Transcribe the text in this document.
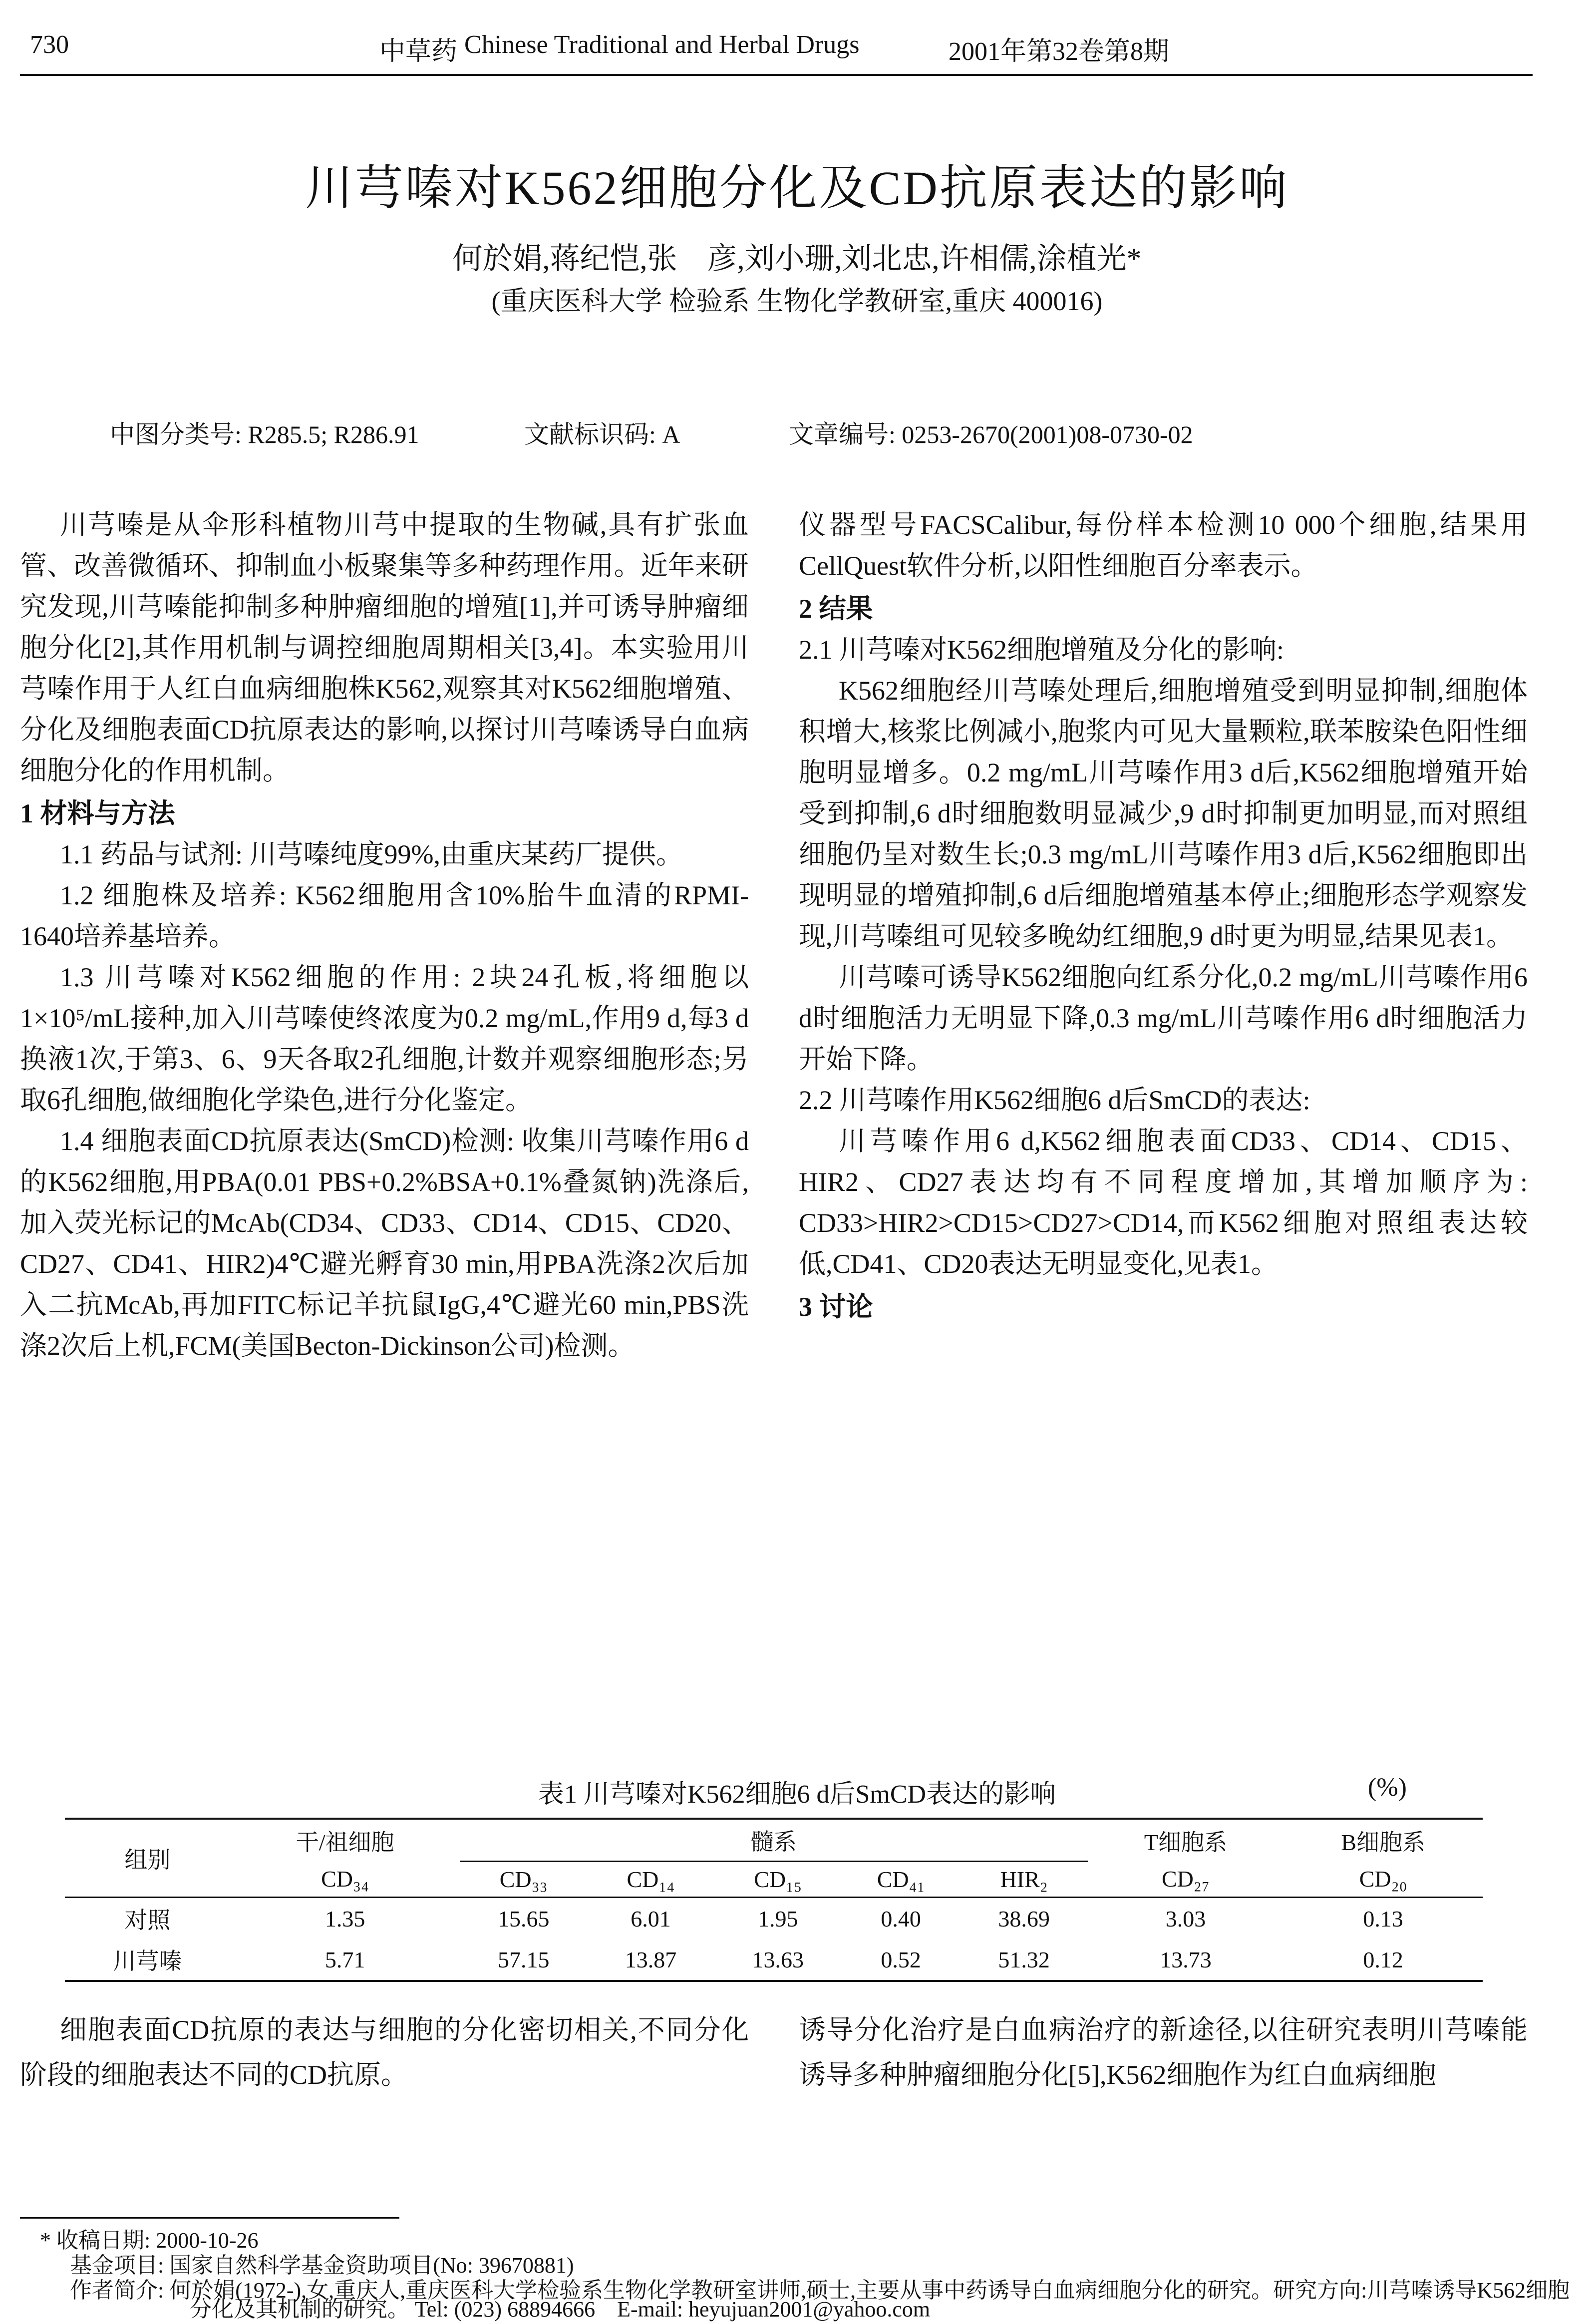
730	中草药 Chinese Traditional and Herbal Drugs	2001年第32卷第8期
川芎嗪对K562细胞分化及CD抗原表达的影响
何於娟,蒋纪恺,张　彦,刘小珊,刘北忠,许相儒,涂植光*
(重庆医科大学 检验系 生物化学教研室,重庆 400016)
中图分类号: R285.5; R286.91	文献标识码: A	文章编号: 0253-2670(2001)08-0730-02

川芎嗪是从伞形科植物川芎中提取的生物碱,具有扩张血管、改善微循环、抑制血小板聚集等多种药理作用。近年来研究发现,川芎嗪能抑制多种肿瘤细胞的增殖[1],并可诱导肿瘤细胞分化[2],其作用机制与调控细胞周期相关[3,4]。本实验用川芎嗪作用于人红白血病细胞株K562,观察其对K562细胞增殖、分化及细胞表面CD抗原表达的影响,以探讨川芎嗪诱导白血病细胞分化的作用机制。

1 材料与方法

1.1 药品与试剂: 川芎嗪纯度99%,由重庆某药厂提供。

1.2 细胞株及培养: K562细胞用含10%胎牛血清的RPMI-1640培养基培养。

1.3 川芎嗪对K562细胞的作用: 2块24孔板,将细胞以1×10⁵/mL接种,加入川芎嗪使终浓度为0.2 mg/mL,作用9 d,每3 d换液1次,于第3、6、9天各取2孔细胞,计数并观察细胞形态;另取6孔细胞,做细胞化学染色,进行分化鉴定。

1.4 细胞表面CD抗原表达(SmCD)检测: 收集川芎嗪作用6 d的K562细胞,用PBA(0.01 PBS+0.2%BSA+0.1%叠氮钠)洗涤后,加入荧光标记的McAb(CD34、CD33、CD14、CD15、CD20、CD27、CD41、HIR2)4℃避光孵育30 min,用PBA洗涤2次后加入二抗McAb,再加FITC标记羊抗鼠IgG,4℃避光60 min,PBS洗涤2次后上机,FCM(美国Becton-Dickinson公司)检测。

仪器型号FACSCalibur,每份样本检测10 000个细胞,结果用CellQuest软件分析,以阳性细胞百分率表示。

2 结果

2.1 川芎嗪对K562细胞增殖及分化的影响:

K562细胞经川芎嗪处理后,细胞增殖受到明显抑制,细胞体积增大,核浆比例减小,胞浆内可见大量颗粒,联苯胺染色阳性细胞明显增多。0.2 mg/mL川芎嗪作用3 d后,K562细胞增殖开始受到抑制,6 d时细胞数明显减少,9 d时抑制更加明显,而对照组细胞仍呈对数生长;0.3 mg/mL川芎嗪作用3 d后,K562细胞即出现明显的增殖抑制,6 d后细胞增殖基本停止;细胞形态学观察发现,川芎嗪组可见较多晚幼红细胞,9 d时更为明显,结果见表1。

川芎嗪可诱导K562细胞向红系分化,0.2 mg/mL川芎嗪作用6 d时细胞活力无明显下降,0.3 mg/mL川芎嗪作用6 d时细胞活力开始下降。

2.2 川芎嗪作用K562细胞6 d后SmCD的表达:

川芎嗪作用6 d,K562细胞表面CD33、CD14、CD15、HIR2、CD27表达均有不同程度增加,其增加顺序为: CD33>HIR2>CD15>CD27>CD14,而K562细胞对照组表达较低,CD41、CD20表达无明显变化,见表1。

3 讨论

表1 川芎嗪对K562细胞6 d后SmCD表达的影响	(%)
组别	干/祖细胞	髓系					T细胞系	B细胞系
	CD₃₄	CD₃₃	CD₁₄	CD₁₅	CD₄₁	HIR₂	CD₂₇	CD₂₀
对照	1.35	15.65	6.01	1.95	0.40	38.69	3.03	0.13
川芎嗪	5.71	57.15	13.87	13.63	0.52	51.32	13.73	0.12

细胞表面CD抗原的表达与细胞的分化密切相关,不同分化阶段的细胞表达不同的CD抗原。

诱导分化治疗是白血病治疗的新途径,以往研究表明川芎嗪能诱导多种肿瘤细胞分化[5],K562细胞作为红白血病细胞

* 收稿日期: 2000-10-26
基金项目: 国家自然科学基金资助项目(No: 39670881)
作者简介: 何於娟(1972-),女,重庆人,重庆医科大学检验系生物化学教研室讲师,硕士,主要从事中药诱导白血病细胞分化的研究。研究方向:川芎嗪诱导K562细胞
分化及其机制的研究。 Tel: (023) 68894666　E-mail: heyujuan2001@yahoo.com
